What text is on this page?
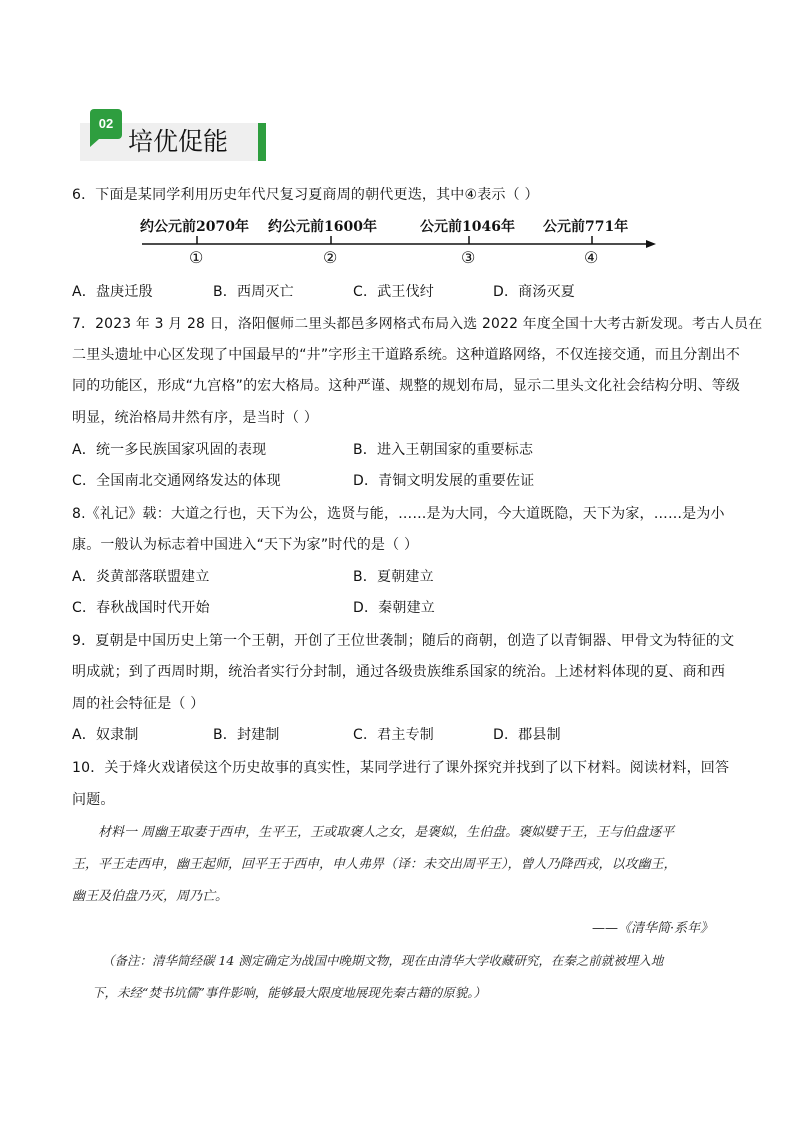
02
培优促能
6．下面是某同学利用历史年代尺复习夏商周的朝代更迭，其中④表示（ ）
约公元前2070年 约公元前1600年	公元前1046年 公元前771年
①	②	③	④
A．盘庚迁殷	B．西周灭亡	C．武王伐纣	D．商汤灭夏
7．2023 年 3 月 28 日，洛阳偃师二里头都邑多网格式布局入选 2022 年度全国十大考古新发现。考古人员在
二里头遗址中心区发现了中国最早的“井”字形主干道路系统。这种道路网络，不仅连接交通，而且分割出不
同的功能区，形成“九宫格”的宏大格局。这种严谨、规整的规划布局，显示二里头文化社会结构分明、等级
明显，统治格局井然有序，是当时（ ）
A．统一多民族国家巩固的表现	B．进入王朝国家的重要标志
C．全国南北交通网络发达的体现	D．青铜文明发展的重要佐证
8.《礼记》载：大道之行也，天下为公，选贤与能，……是为大同，今大道既隐，天下为家，……是为小
康。一般认为标志着中国进入“天下为家”时代的是（ ）
A．炎黄部落联盟建立	B．夏朝建立
C．春秋战国时代开始	D．秦朝建立
9．夏朝是中国历史上第一个王朝，开创了王位世袭制；随后的商朝，创造了以青铜器、甲骨文为特征的文
明成就；到了西周时期，统治者实行分封制，通过各级贵族维系国家的统治。上述材料体现的夏、商和西
周的社会特征是（ ）
A．奴隶制	B．封建制	C．君主专制	D．郡县制
10．关于烽火戏诸侯这个历史故事的真实性，某同学进行了课外探究并找到了以下材料。阅读材料，回答
问题。
材料一 周幽王取妻于西申，生平王，王或取褒人之女，是褒姒，生伯盘。褒姒嬖于王，王与伯盘逐平
王，平王走西申，幽王起师，回平王于西申，申人弗畀（译：未交出周平王），曾人乃降西戎，以攻幽王，
幽王及伯盘乃灭，周乃亡。
——《清华简·系年》
（备注：清华简经碳 14 测定确定为战国中晚期文物，现在由清华大学收藏研究，在秦之前就被埋入地
下，未经“焚书坑儒”事件影响，能够最大限度地展现先秦古籍的原貌。）
